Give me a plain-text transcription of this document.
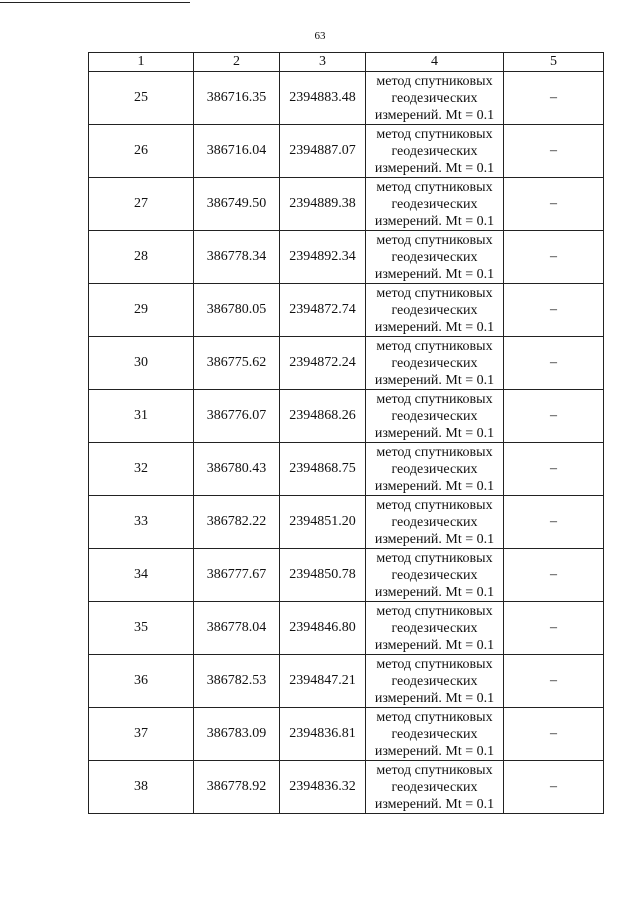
63
1	2	3	4	5
25	386716.35	2394883.48	метод спутниковых
геодезических
измерений. Mt = 0.1	–
26	386716.04	2394887.07	метод спутниковых
геодезических
измерений. Mt = 0.1	–
27	386749.50	2394889.38	метод спутниковых
геодезических
измерений. Mt = 0.1	–
28	386778.34	2394892.34	метод спутниковых
геодезических
измерений. Mt = 0.1	–
29	386780.05	2394872.74	метод спутниковых
геодезических
измерений. Mt = 0.1	–
30	386775.62	2394872.24	метод спутниковых
геодезических
измерений. Mt = 0.1	–
31	386776.07	2394868.26	метод спутниковых
геодезических
измерений. Mt = 0.1	–
32	386780.43	2394868.75	метод спутниковых
геодезических
измерений. Mt = 0.1	–
33	386782.22	2394851.20	метод спутниковых
геодезических
измерений. Mt = 0.1	–
34	386777.67	2394850.78	метод спутниковых
геодезических
измерений. Mt = 0.1	–
35	386778.04	2394846.80	метод спутниковых
геодезических
измерений. Mt = 0.1	–
36	386782.53	2394847.21	метод спутниковых
геодезических
измерений. Mt = 0.1	–
37	386783.09	2394836.81	метод спутниковых
геодезических
измерений. Mt = 0.1	–
38	386778.92	2394836.32	метод спутниковых
геодезических
измерений. Mt = 0.1	–
